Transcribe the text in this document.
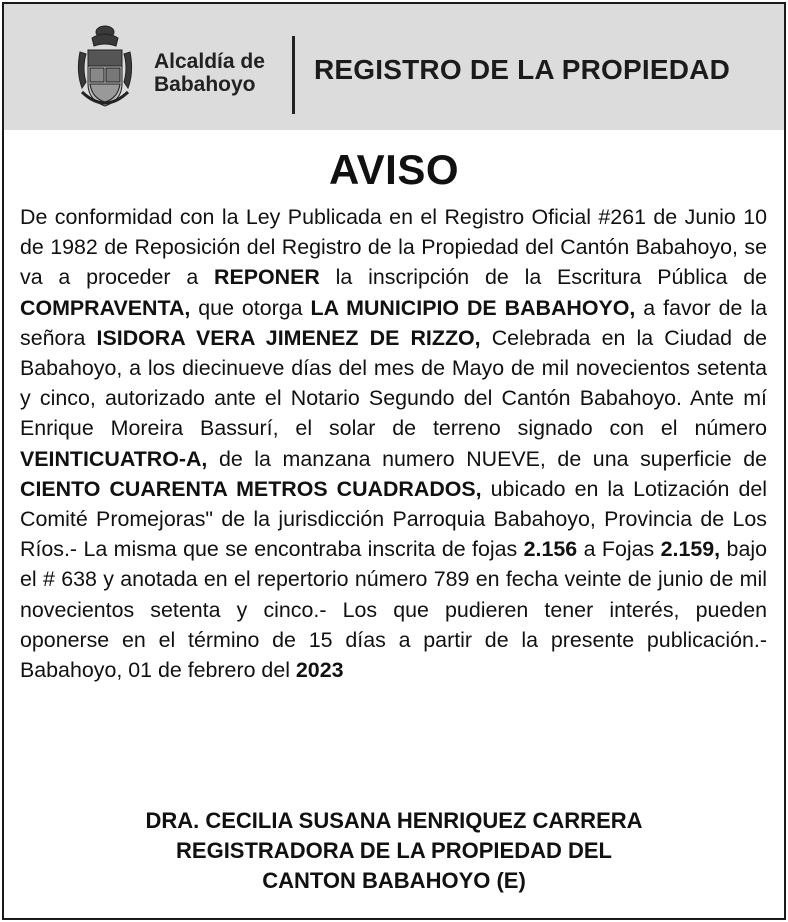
Alcaldía de
Babahoyo	REGISTRO DE LA PROPIEDAD
AVISO
De conformidad con la Ley Publicada en el Registro Oficial #261 de Junio 10 de 1982 de Reposición del Registro de la Propiedad del Cantón Babahoyo, se va a proceder a REPONER la inscripción de la Escritura Pública de COMPRAVENTA, que otorga LA MUNICIPIO DE BABAHOYO, a favor de la señora ISIDORA VERA JIMENEZ DE RIZZO, Celebrada en la Ciudad de Babahoyo, a los diecinueve días del mes de Mayo de mil novecientos setenta y cinco, autorizado ante el Notario Segundo del Cantón Babahoyo. Ante mí Enrique Moreira Bassurí, el solar de terreno signado con el número VEINTICUATRO-A, de la manzana numero NUEVE, de una superficie de CIENTO CUARENTA METROS CUADRADOS, ubicado en la Lotización del Comité Promejoras" de la jurisdicción Parroquia Babahoyo, Provincia de Los Ríos.- La misma que se encontraba inscrita de fojas 2.156 a Fojas 2.159, bajo el # 638 y anotada en el repertorio número 789 en fecha veinte de junio de mil novecientos setenta y cinco.- Los que pudieren tener interés, pueden oponerse en el término de 15 días a partir de la presente publicación.- Babahoyo, 01 de febrero del 2023
DRA. CECILIA SUSANA HENRIQUEZ CARRERA
REGISTRADORA DE LA PROPIEDAD DEL
CANTON BABAHOYO (E)
